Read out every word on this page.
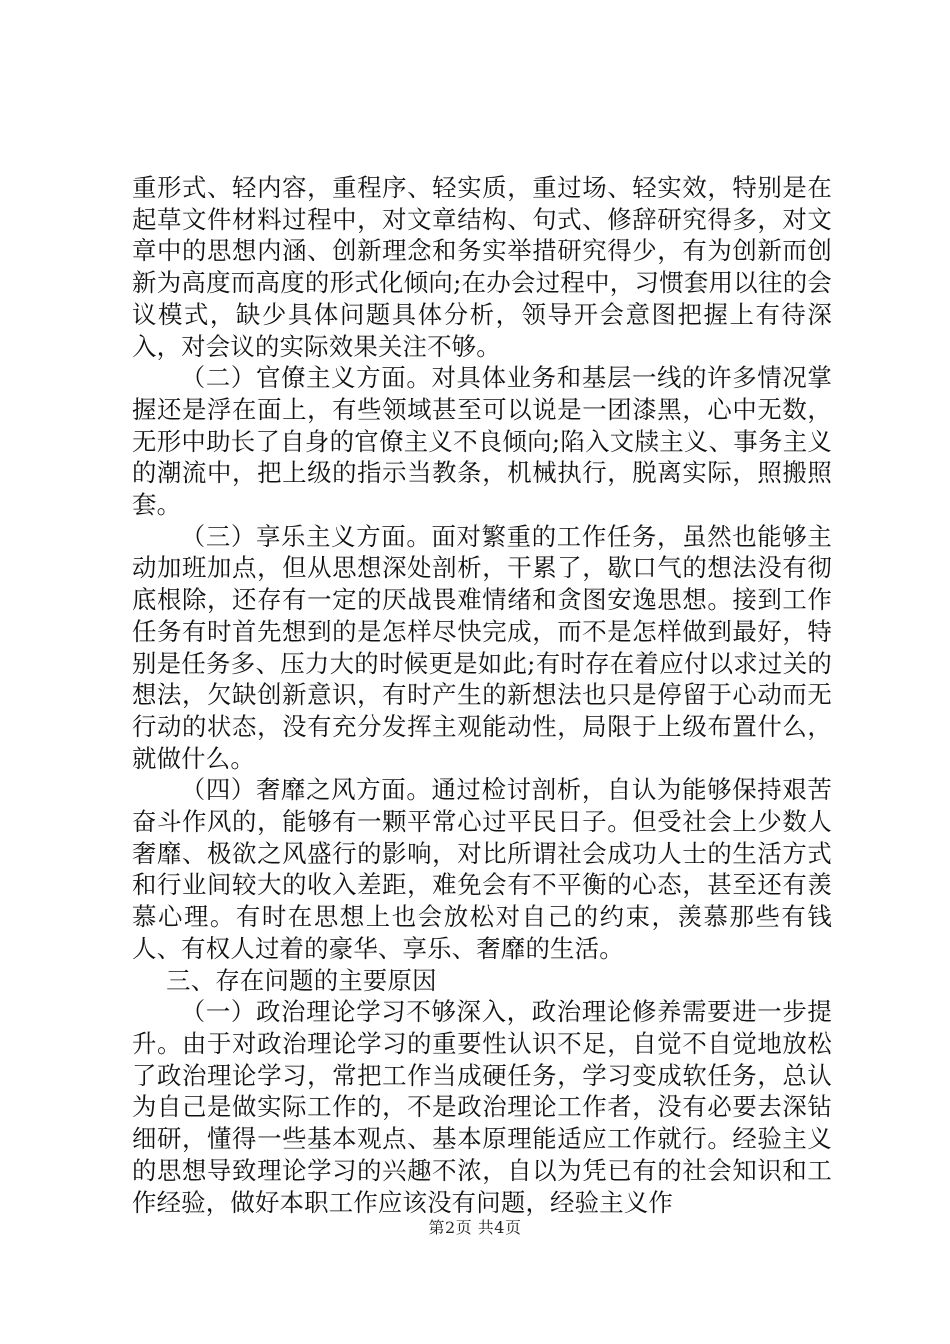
重形式、轻内容，重程序、轻实质，重过场、轻实效，特别是在起草文件材料过程中，对文章结构、句式、修辞研究得多，对文章中的思想内涵、创新理念和务实举措研究得少，有为创新而创新为高度而高度的形式化倾向;在办会过程中，习惯套用以往的会议模式，缺少具体问题具体分析，领导开会意图把握上有待深入，对会议的实际效果关注不够。

（二）官僚主义方面。对具体业务和基层一线的许多情况掌握还是浮在面上，有些领域甚至可以说是一团漆黑，心中无数，无形中助长了自身的官僚主义不良倾向;陷入文牍主义、事务主义的潮流中，把上级的指示当教条，机械执行，脱离实际，照搬照套。

（三）享乐主义方面。面对繁重的工作任务，虽然也能够主动加班加点，但从思想深处剖析，干累了，歇口气的想法没有彻底根除，还存有一定的厌战畏难情绪和贪图安逸思想。接到工作任务有时首先想到的是怎样尽快完成，而不是怎样做到最好，特别是任务多、压力大的时候更是如此;有时存在着应付以求过关的想法，欠缺创新意识，有时产生的新想法也只是停留于心动而无行动的状态，没有充分发挥主观能动性，局限于上级布置什么，就做什么。

（四）奢靡之风方面。通过检讨剖析，自认为能够保持艰苦奋斗作风的，能够有一颗平常心过平民日子。但受社会上少数人奢靡、极欲之风盛行的影响，对比所谓社会成功人士的生活方式和行业间较大的收入差距，难免会有不平衡的心态，甚至还有羡慕心理。有时在思想上也会放松对自己的约束，羡慕那些有钱人、有权人过着的豪华、享乐、奢靡的生活。

三、存在问题的主要原因

（一）政治理论学习不够深入，政治理论修养需要进一步提升。由于对政治理论学习的重要性认识不足，自觉不自觉地放松了政治理论学习，常把工作当成硬任务，学习变成软任务，总认为自己是做实际工作的，不是政治理论工作者，没有必要去深钻细研，懂得一些基本观点、基本原理能适应工作就行。经验主义的思想导致理论学习的兴趣不浓，自以为凭已有的社会知识和工作经验，做好本职工作应该没有问题，经验主义作

第2页 共4页
